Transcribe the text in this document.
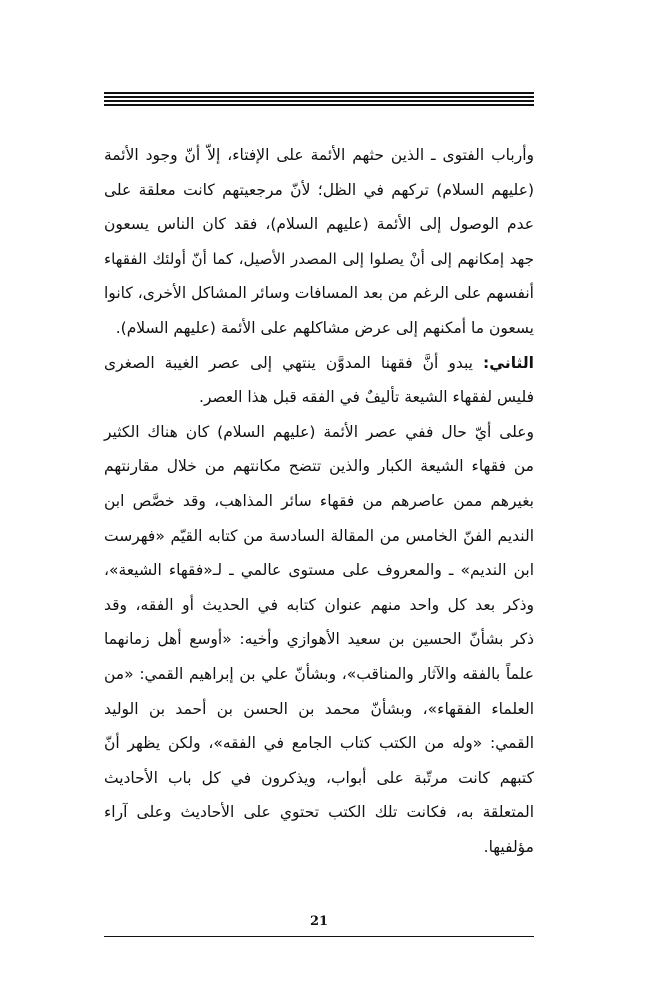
وأرباب الفتوى ـ الذين حثهم الأئمة على الإفتاء، إلاّ أنّ وجود الأئمة
(عليهم السلام) تركهم في الظل؛ لأنّ مرجعيتهم كانت معلقة على
عدم الوصول إلى الأئمة (عليهم السلام)، فقد كان الناس يسعون
جهد إمكانهم إلى أنْ يصلوا إلى المصدر الأصيل، كما أنّ أولئك الفقهاء
أنفسهم على الرغم من بعد المسافات وسائر المشاكل الأخرى، كانوا
يسعون ما أمكنهم إلى عرض مشاكلهم على الأئمة (عليهم السلام).
الثاني: يبدو أنَّ فقهنا المدوَّن ينتهي إلى عصر الغيبة الصغرى
فليس لفقهاء الشيعة تأليفٌ في الفقه قبل هذا العصر.
وعلى أيّ حال ففي عصر الأئمة (عليهم السلام) كان هناك الكثير
من فقهاء الشيعة الكبار والذين تتضح مكانتهم من خلال مقارنتهم
بغيرهم ممن عاصرهم من فقهاء سائر المذاهب، وقد خصَّص ابن
النديم الفنّ الخامس من المقالة السادسة من كتابه القيّم «فهرست
ابن النديم» ـ والمعروف على مستوى عالمي ـ لـ«فقهاء الشيعة»،
وذكر بعد كل واحد منهم عنوان كتابه في الحديث أو الفقه، وقد
ذكر بشأنّ الحسين بن سعيد الأهوازي وأخيه: «أوسع أهل زمانهما
علماً بالفقه والآثار والمناقب»، وبشأنّ علي بن إبراهيم القمي: «من
العلماء الفقهاء»، وبشأنّ محمد بن الحسن بن أحمد بن الوليد
القمي: «وله من الكتب كتاب الجامع في الفقه»، ولكن يظهر أنّ
كتبهم كانت مرتّبة على أبواب، ويذكرون في كل باب الأحاديث
المتعلقة به، فكانت تلك الكتب تحتوي على الأحاديث وعلى آراء
مؤلفيها.
21
